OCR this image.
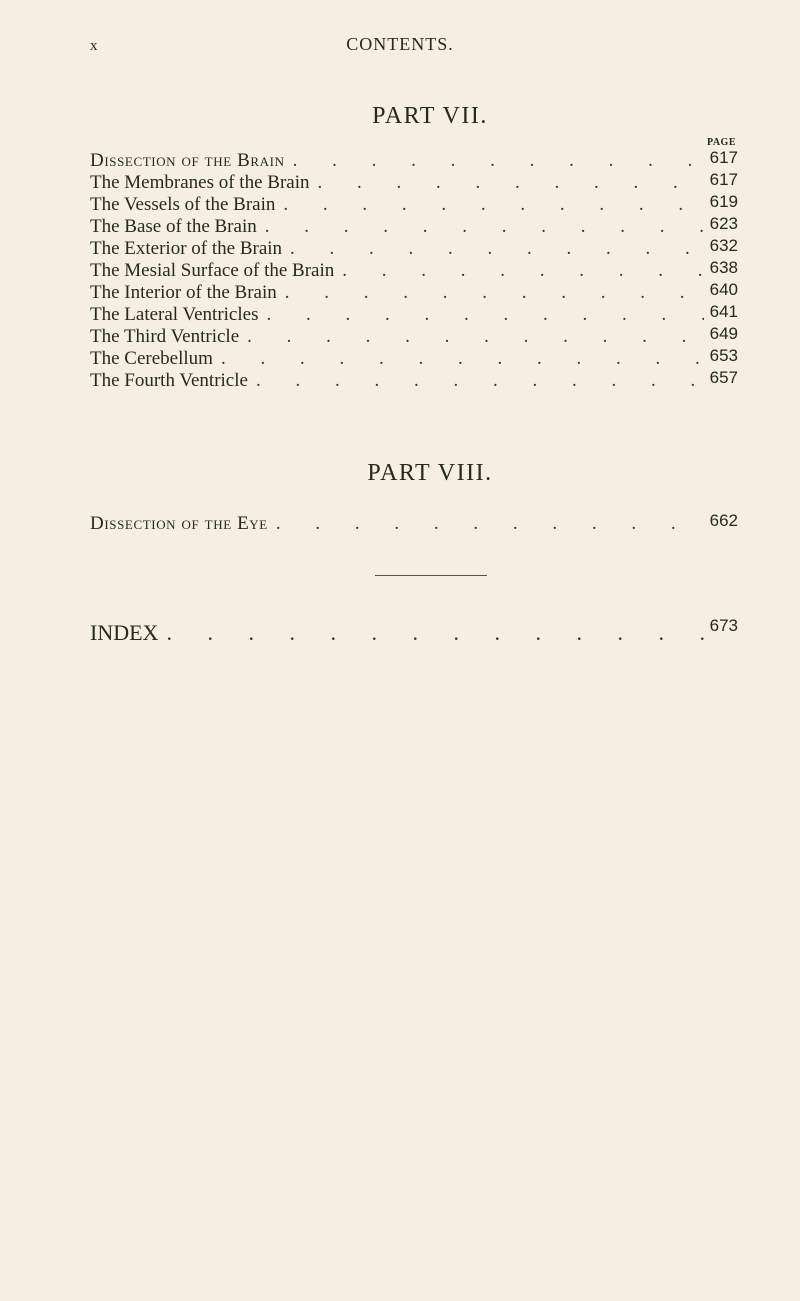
x	CONTENTS.
PART VII.
PAGE
Dissection of the Brain . . .	617
The Membranes of the Brain . . .	617
The Vessels of the Brain . . .	619
The Base of the Brain . . .	623
The Exterior of the Brain . . .	632
The Mesial Surface of the Brain . . .	638
The Interior of the Brain . . .	640
The Lateral Ventricles . . .	641
The Third Ventricle . . .	649
The Cerebellum . . .	653
The Fourth Ventricle . . .	657
PART VIII.
Dissection of the Eye . . .	662
INDEX . . .	673
